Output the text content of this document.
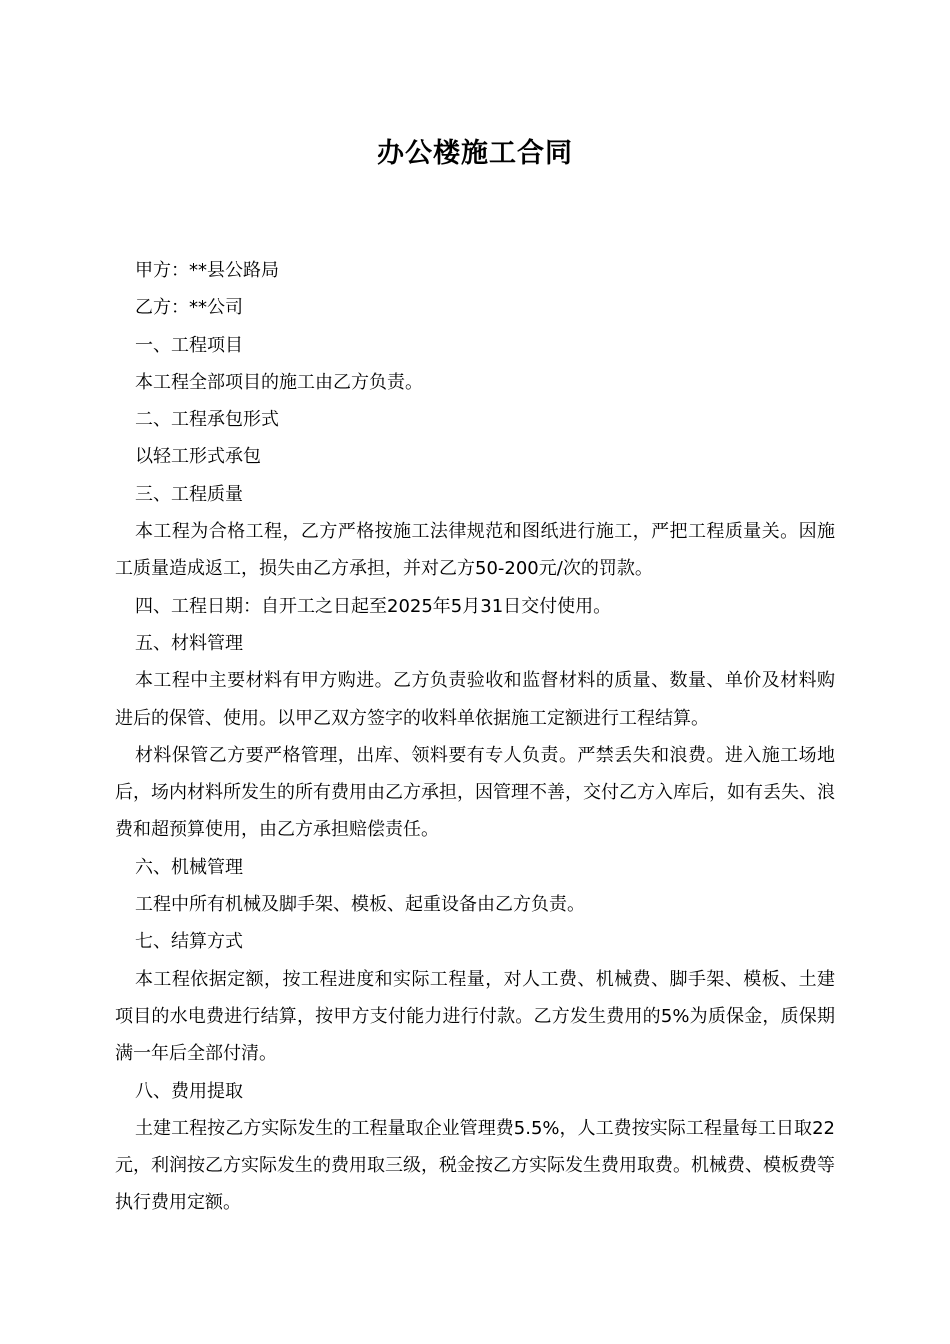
办公楼施工合同

甲方：**县公路局

乙方：**公司

一、工程项目

本工程全部项目的施工由乙方负责。

二、工程承包形式

以轻工形式承包

三、工程质量

本工程为合格工程，乙方严格按施工法律规范和图纸进行施工，严把工程质量关。因施工质量造成返工，损失由乙方承担，并对乙方50-200元/次的罚款。

四、工程日期：自开工之日起至2025年5月31日交付使用。

五、材料管理

本工程中主要材料有甲方购进。乙方负责验收和监督材料的质量、数量、单价及材料购进后的保管、使用。以甲乙双方签字的收料单依据施工定额进行工程结算。

材料保管乙方要严格管理，出库、领料要有专人负责。严禁丢失和浪费。进入施工场地后，场内材料所发生的所有费用由乙方承担，因管理不善，交付乙方入库后，如有丢失、浪费和超预算使用，由乙方承担赔偿责任。

六、机械管理

工程中所有机械及脚手架、模板、起重设备由乙方负责。

七、结算方式

本工程依据定额，按工程进度和实际工程量，对人工费、机械费、脚手架、模板、土建项目的水电费进行结算，按甲方支付能力进行付款。乙方发生费用的5%为质保金，质保期满一年后全部付清。

八、费用提取

土建工程按乙方实际发生的工程量取企业管理费5.5%，人工费按实际工程量每工日取22元，利润按乙方实际发生的费用取三级，税金按乙方实际发生费用取费。机械费、模板费等执行费用定额。
